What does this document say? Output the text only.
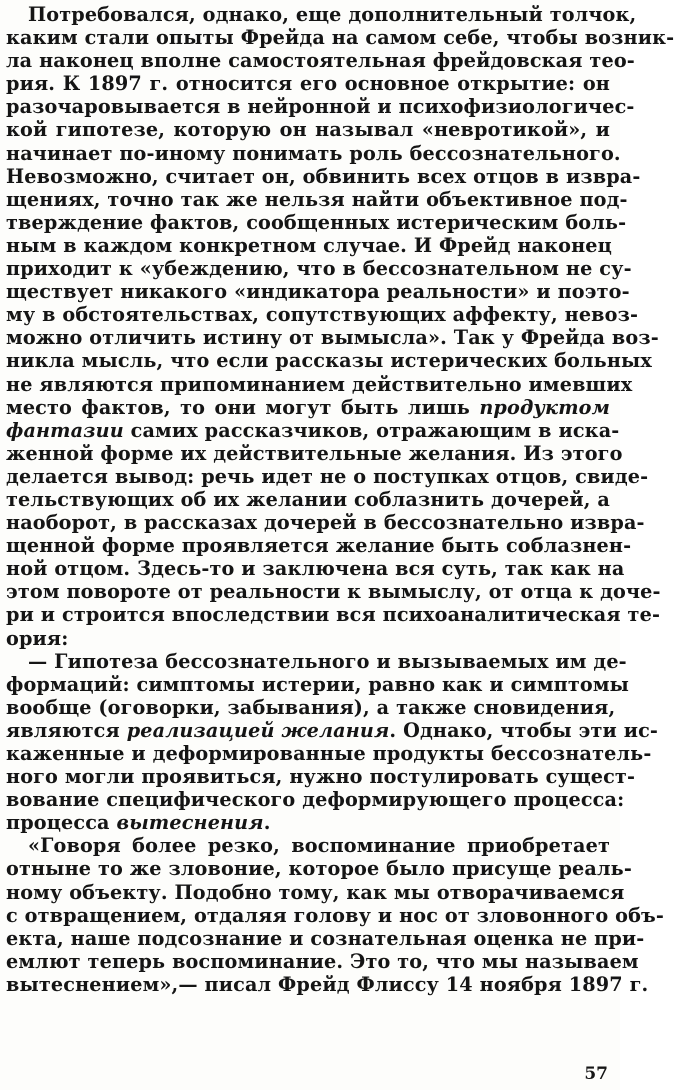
Потребовался, однако, еще дополнительный толчок,
каким стали опыты Фрейда на самом себе, чтобы возник-
ла наконец вполне самостоятельная фрейдовская тео-
рия. К 1897 г. относится его основное открытие: он
разочаровывается в нейронной и психофизиологичес-
кой гипотезе, которую он называл «невротикой», и
начинает по-иному понимать роль бессознательного.
Невозможно, считает он, обвинить всех отцов в извра-
щениях, точно так же нельзя найти объективное под-
тверждение фактов, сообщенных истерическим боль-
ным в каждом конкретном случае. И Фрейд наконец
приходит к «убеждению, что в бессознательном не су-
ществует никакого «индикатора реальности» и поэто-
му в обстоятельствах, сопутствующих аффекту, невоз-
можно отличить истину от вымысла». Так у Фрейда воз-
никла мысль, что если рассказы истерических больных
не являются припоминанием действительно имевших
место фактов, то они могут быть лишь продуктом
фантазии самих рассказчиков, отражающим в иска-
женной форме их действительные желания. Из этого
делается вывод: речь идет не о поступках отцов, свиде-
тельствующих об их желании соблазнить дочерей, а
наоборот, в рассказах дочерей в бессознательно извра-
щенной форме проявляется желание быть соблазнен-
ной отцом. Здесь-то и заключена вся суть, так как на
этом повороте от реальности к вымыслу, от отца к доче-
ри и строится впоследствии вся психоаналитическая те-
ория:
— Гипотеза бессознательного и вызываемых им де-
формаций: симптомы истерии, равно как и симптомы
вообще (оговорки, забывания), а также сновидения,
являются реализацией желания. Однако, чтобы эти ис-
каженные и деформированные продукты бессознатель-
ного могли проявиться, нужно постулировать сущест-
вование специфического деформирующего процесса:
процесса вытеснения.
«Говоря более резко, воспоминание приобретает
отныне то же зловоние, которое было присуще реаль-
ному объекту. Подобно тому, как мы отворачиваемся
с отвращением, отдаляя голову и нос от зловонного объ-
екта, наше подсознание и сознательная оценка не при-
емлют теперь воспоминание. Это то, что мы называем
вытеснением»,— писал Фрейд Флиссу 14 ноября 1897 г.
57
